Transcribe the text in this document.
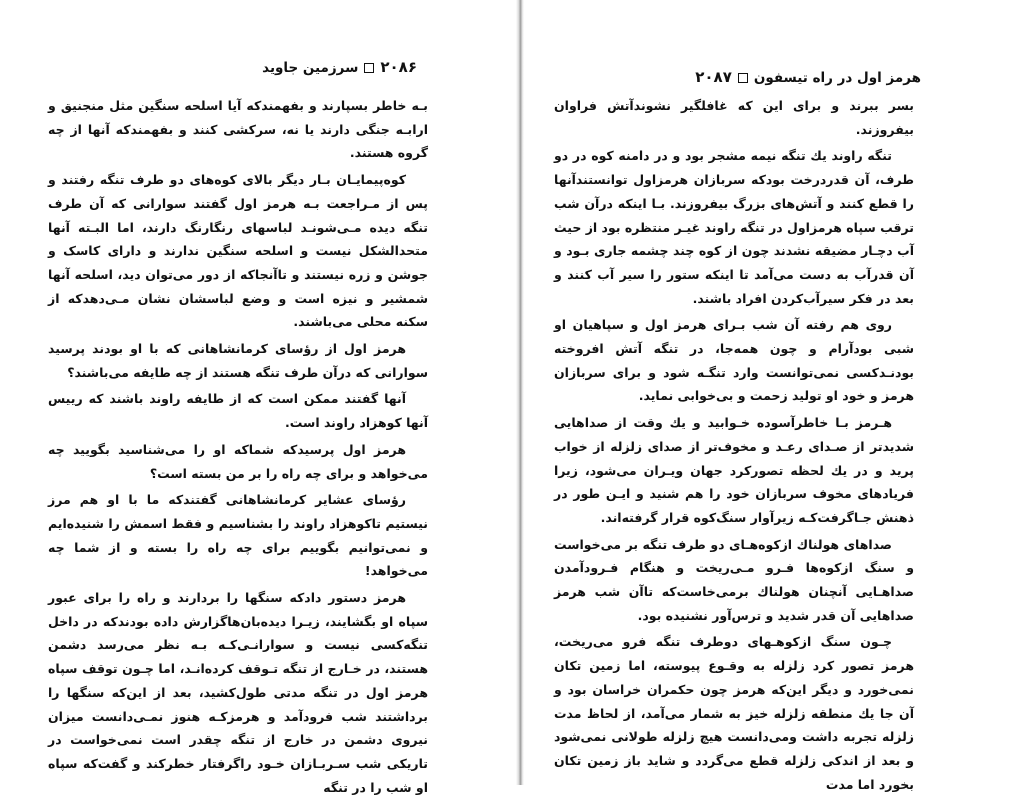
۲۰۸۶سرزمین جاوید

بـه خاطر بسپارند و بفهمندکه آیا اسلحه سنگین مثل منجنیق و ارابـه جنگی دارند یا نه، سرکشی کنند و بفهمندکه آنها از چه گروه هستند.

کوه‌پیمایـان بـار دیگر بالای کوه‌های دو طرف تنگه رفتند و پس از مـراجعت بـه هرمز اول گفتند سوارانی که آن طرف تنگه دیده مـی‌شونـد لباسهای رنگارنگ دارند، اما البـته آنها متحدالشکل نیست و اسلحه سنگین ندارند و دارای کاسک و جوشن و زره نیستند و تاآنجاکه از دور می‌توان دید، اسلحه آنها شمشیر و نیزه است و وضع لباسشان نشان مـی‌دهدکه از سکنه محلی می‌باشند.

هرمز اول از رؤسای کرمانشاهانی که با او بودند پرسید سوارانی که درآن طرف تنگه هستند از چه طایفه می‌باشند؟

آنها گفتند ممکن است که از طایفه راوند باشند که رییس آنها کوهزاد راوند است.

هرمز اول پرسیدکه شماکه او را می‌شناسید بگویید چه می‌خواهد و برای چه راه را بر من بسته است؟

رؤسای عشایر کرمانشاهانی گفتندکه ما با او هم مرز نیستیم تاکوهزاد راوند را بشناسیم و فقط اسمش را شنیده‌ایم و نمی‌توانیم بگوییم برای چه راه را بسته و از شما چه می‌خواهد!

هرمز دستور دادکه سنگها را بردارند و راه را برای عبور سپاه او بگشایند، زیـرا دیده‌بان‌هاگزارش داده بودندکه در داخل تنگه‌کسی نیست و سوارانـی‌کـه بـه نظر می‌رسد دشمن هستند، در خـارج از تنگه تـوقف کرده‌انـد، اما چـون توقف سپاه هرمز اول در تنگه مدتی طول‌کشید، بعد از این‌که سنگها را برداشتند شب فرودآمد و هرمزکـه هنوز نمـی‌دانست میزان نیروی دشمن در خارج از تنگه چقدر است نمی‌خواست در تاریکی شب سـربـازان خـود راگرفتار خطرکند و گفت‌که سپاه او شب را در تنگه

هرمز اول در راه تیسفون۲۰۸۷

بسر ببرند و برای این که غافلگیر نشوندآتش فراوان بیفروزند.

تنگه راوند یك تنگه نیمه مشجر بود و در دامنه کوه در دو طرف، آن قدردرخت بودکه سربازان هرمزاول توانستندآنها را قطع کنند و آتش‌های بزرگ بیفروزند. بـا اینکه درآن شب ترقب سپاه هرمزاول در تنگه راوند غیـر منتظره بود از حیث آب دچـار مضیقه نشدند چون از کوه چند چشمه جاری بـود و آن قدرآب به دست می‌آمد تا اینکه ستور را سیر آب کنند و بعد در فکر سیرآب‌کردن افراد باشند.

روی هم رفته آن شب بـرای هرمز اول و سپاهیان او شبی بودآرام و چون همه‌جا، در تنگه آتش افروخته بودنـدکسی نمی‌توانست وارد تنگـه شود و برای سربازان هرمز و خود او تولید زحمت و بی‌خوابی نماید.

هـرمز بـا خاطرآسوده خـوابید و یك وقت از صداهایی شدیدتر از صـدای رعـد و مخوف‌تر از صدای زلزله از خواب پرید و در یك لحظه تصورکرد جهان ویـران می‌شود، زیرا فریادهای مخوف سربازان خود را هم شنید و ایـن طور در ذهنش جـاگرفت‌کـه زیرآوار سنگ‌کوه قرار گرفته‌اند.

صداهای هولناك ازکوه‌هـای دو طرف تنگه بر می‌خواست و سنگ ازکوه‌ها فـرو مـی‌ریخت و هنگام فـرودآمدن صداهـایی آنچنان هولناك برمی‌خاست‌که تاآن شب هرمز صداهایی آن قدر شدید و ترس‌آور نشنیده بود.

چـون سنگ ازکوهـهای دوطرف تنگه فرو می‌ریخت، هرمز تصور کرد زلزله به وقـوع پیوسته، اما زمین تکان نمی‌خورد و دیگر این‌که هرمز چون حکمران خراسان بود و آن جا یك منطقه زلزله خیز به شمار می‌آمد، از لحاظ مدت زلزله تجربه داشت ومی‌دانست هیچ زلزله طولانی نمی‌شود و بعد از اندکی زلزله قطع می‌گردد و شاید باز زمین تکان بخورد اما مدت
